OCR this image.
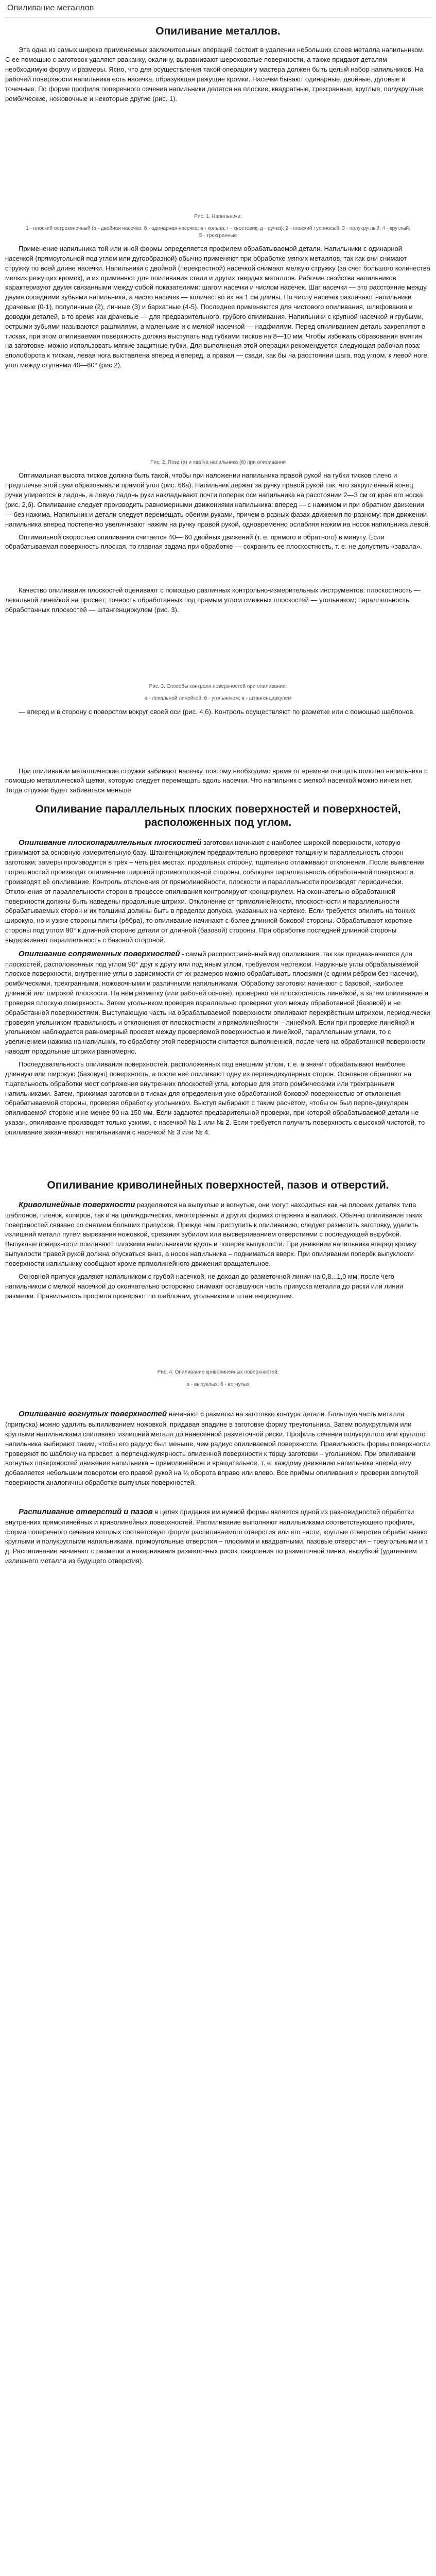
Опиливание металлов
Опиливание металлов.

Эта одна из самых широко применяемых заключительных операций состоит в удалении небольших слоев металла напильником. С ее помощью с заготовок удаляют рваканку, окалину, выравнивают шероховатые поверхности, а также придают деталям необходимую форму и размеры. Ясно, что для осуществления такой операции у мастера должен быть целый набор напильников. На рабочей поверхности напильника есть насечка, образующая режущие кромки. Насечки бывают одинарные, двойные, дуговые и точечные. По форме профиля поперечного сечения напильники делятся на плоские, квадратные, трехгранные, круглые, полукруглые, ромбические, ножовочные и некоторые другие (рис. 1).

Рис. 1. Напильники:
1 - плоский остроконечный (а - двойная насечка; б - одинарная насечка; в - кольцо; г - хвостовик; д - ручка); 2 - плоский тупоносый; 3 - полукруглый; 4 - круглый; 5 - трехгранные

Применение напильника той или иной формы определяется профилем обрабатываемой детали. Напильники с одинарной насечкой (прямоугольной под углом или дугообразной) обычно применяют при обработке мягких металлов, так как они снимают стружку по всей длине насечки. Напильники с двойной (перекрестной) насечкой снимают мелкую стружку (за счет большого количества мелких режущих кромок), и их применяют для опиливания стали и других твердых металлов. Рабочие свойства напильников характеризуют двумя связанными между собой показателями: шагом насечки и числом насечек. Шаг насечки — это расстояние между двумя соседними зубьями напильника, а число насечек — количество их на 1 см длины. По числу насечек различают напильники драчевые (0-1), полуличные (2), личные (3) и бархатные (4-5). Последнее применяются для чистового опиливания, шлифования и доводки деталей, в то время как драчевые — для предварительного, грубого опиливания. Напильники с крупной насечкой и грубыми, острыми зубьями называются рашпилями, а маленькие и с мелкой насечкой — надфилями. Перед опиливанием деталь закрепляют в тисках, при этом опиливаемая поверхность должна выступать над губками тисков на 8—10 мм. Чтобы избежать образования вмятин на заготовке, можно использовать мягкие защитные губки. Для выполнения этой операции рекомендуется следующая рабочая поза: вполоборота к тискам, левая нога выставлена вперед и вперед, а правая — сзади, как бы на расстоянии шага, под углом, к левой ноге, угол между ступнями 40—60° (рис.2).

Рис. 2. Поза (а) и хватка напильника (б) при опиливании

Оптимальная высота тисков должна быть такой, чтобы при наложении напильника правой рукой на губки тисков плечо и предплечье этой руки образовывали прямой угол (рис. 66а). Напильник держат за ручку правой рукой так, что закругленный конец ручки упирается в ладонь, а левую ладонь руки накладывают почти поперек оси напильника на расстоянии 2—3 см от края его носка (рис. 2,б). Опиливание следует производить равномерными движениями напильника: вперед — с нажимом и при обратном движении — без нажима. Напильник и детали следует перемещать обеими руками, причем в разных фазах движения по-разному: при движении напильника вперед постепенно увеличивают нажим на ручку правой рукой, одновременно ослабляя нажим на носок напильника левой.

Оптимальной скоростью опиливания считается 40— 60 двойных движений (т. е. прямого и обратного) в минуту. Если обрабатываемая поверхность плоская, то главная задача при обработке — сохранить ее плоскостность, т. е. не допустить «завала».

Качество опиливания плоскостей оценивают с помощью различных контрольно-измерительных инструментов: плоскостность — лекальной линейкой на просвет; точность обработанных под прямым углом смежных плоскостей — угольником; параллельность обработанных плоскостей — штангенциркулем (рис. 3).

Рис. 3. Способы контроля поверхностей при опиливании:
а - лекальной линейкой; б - угольником; в - штангенциркулем

— вперед и в сторону с поворотом вокруг своей оси (рис. 4,б). Контроль осуществляют по разметке или с помощью шаблонов.

При опиливании металлические стружки забивают насечку, поэтому необходимо время от времени очищать полотно напильника с помощью металлической щетки, которую следует перемещать вдоль насечки. Что напильник с мелкой насечкой можно ничем нет. Тогда стружки будет забиваться меньше

Опиливание параллельных плоских поверхностей и поверхностей, расположенных под углом.

Опиливание плоскопараллельных плоскостей заготовки начинают с наиболее широкой поверхности, которую принимают за основную измерительную базу. Штангенциркулем предварительно проверяют толщину и параллельность сторон заготовки; замеры производятся в трёх – четырёх местах, продольных сторону, тщательно отлаживают отклонения. После выявления погрешностей производят опиливание широкой противоположной стороны, соблюдая параллельность обработанной поверхности, производят её опиливание. Контроль отклонения от прямолинейности, плоскости и параллельности производят периодически. Отклонения от параллельности сторон в процессе опиливания контролируют кронциркулем. На окончательно обработанной поверхности должны быть наведены продольные штрихи. Отклонение от прямолинейности, плоскостности и параллельности обрабатываемых сторон и их толщина должны быть в пределах допуска, указанных на чертеже. Если требуется опилить на тонких широкую, но и узкие стороны плиты (рёбра), то опиливание начинают с более длинной боковой стороны. Обрабатывают короткие стороны под углом 90° к длинной стороне детали от длинной (базовой) стороны. При обработке последней длинной стороны выдерживают параллельность с базовой стороной.

Опиливание сопряженных поверхностей - самый распространённый вид опиливания, так как предназначается для плоскостей, расположенных под углом 90° друг к другу или под иным углом, требуемом чертежом. Наружные углы обрабатываемой плоское поверхности, внутренние углы в зависимости от их размеров можно обрабатывать плоскими (с одним ребром без насечки), ромбическими, трёхгранными, ножовочными и различными напильниками. Обработку заготовки начинают с базовой, наиболее длинной или широкой плоскости. На нём разметку (или рабочей основе), проверяют её плоскостность линейкой, а затем опиливание и проверяя плоскую поверхность. Затем угольником проверяя параллельно проверяют угол между обработанной (базовой) и не обработанной поверхностями. Выступающую часть на обрабатываемой поверхности опиливают перекрёстным штрихом, периодически проверяя угольником правильность и отклонения от плоскостности и прямолинейности – линейкой. Если при проверке линейкой и угольником наблюдается равномерный просвет между проверяемой поверхностью и линейкой, параллельным углами, то с увеличением нажима на напильник, то обработку этой поверхности считается выполненной, после чего на обработанной поверхности наводят продольные штрихи равномерно.

Последовательность опиливания поверхностей, расположенных под внешним углом, т. е. а значит обрабатывают наиболее длинную или широкую (базовую) поверхность, а после неё опиливают одну из перпендикулярных сторон. Основное обращают на тщательность обработки мест сопряжения внутренних плоскостей угла, которые для этого ромбическими или трехгранными напильниками. Затем, прижимая заготовки в тисках для определения уже обработанной боковой поверхностью от отклонения обрабатываемой стороны, проверяя обработку угольником. Выступ выбирают с таким расчётом, чтобы он был перпендикулярен опиливаемой стороне и не менее 90 на 150 мм. Если задаются предварительной проверки, при которой обрабатываемой детали не указан, опиливание производят только узкими, с насечкой № 1 или № 2. Если требуется получить поверхность с высокой чистотой, то опиливание заканчивают напильниками с насечкой № 3 или № 4.

Опиливание криволинейных поверхностей, пазов и отверстий.

Криволинейные поверхности разделяются на выпуклые и вогнутые, они могут находиться как на плоских деталях типа шаблонов, пленок, копиров, так и на цилиндрических, многогранных и других формах стержнях и валиках. Обычно опиливание таких поверхностей связано со снятием больших припусков. Прежде чем приступить к опиливанию, следует разметить заготовку, удалить излишний металл путём вырезания ножовкой, срезания зубилом или высверливанием отверстиями с последующей вырубкой. Выпуклые поверхности опиливают плоскими напильниками вдоль и поперёк выпуклости. При движении напильника вперёд кромку выпуклости правой рукой должна опускаться вниз, а носок напильника – подниматься вверх. При опиливании поперёк выпуклости поверхности напильнику сообщают кроме прямолинейного движения вращательное.

Основной припуск удаляют напильником с грубой насечкой, не доходя до разметочной линии на 0,8...1,0 мм, после чего напильником с мелкой насечкой до окончательно осторожно снимают оставшуюся часть припуска металла до риски или линии разметки. Правильность профиля проверяют по шаблонам, угольником и штангенциркулем.

Рис. 4. Опиливание криволинейных поверхностей:
а - выпуклых; б - вогнутых

Опиливание вогнутых поверхностей начинают с разметки на заготовке контура детали. Большую часть металла (припуска) можно удалить выпиливанием ножовкой, придавая впадине в заготовке форму треугольника. Затем полукруглыми или круглыми напильниками спиливают излишний металл до нанесённой разметочной риски. Профиль сечения полукруглого или круглого напильника выбирают таким, чтобы его радиус был меньше, чем радиус опиливаемой поверхности. Правильность формы поверхности проверяют по шаблону на просвет, а перпендикулярность опиленной поверхности к торцу заготовки – угольником. При опиливании вогнутых поверхностей движение напильника – прямолинейное и вращательное, т. е. каждому движению напильника вперёд ему добавляется небольшим поворотом его правой рукой на ¼ оборота вправо или влево. Все приёмы опиливания и проверки вогнутой поверхности аналогичны обработке выпуклых поверхностей.

Распиливание отверстий и пазов в целях придания им нужной формы является одной из разновидностей обработки внутренних прямолинейных и криволинейных поверхностей. Распиливание выполняют напильниками соответствующего профиля, форма поперечного сечения которых соответствует форме распиливаемого отверстия или его части, круглые отверстия обрабатывают круглыми и полукруглыми напильниками, прямоугольные отверстия – плоскими и квадратными, пазовые отверстия – треугольными и т. д. Распиливание начинают с разметки и накернивания разметочных рисок, сверления по разметочной линии, вырубкой (удалением излишнего металла из будущего отверстия).
